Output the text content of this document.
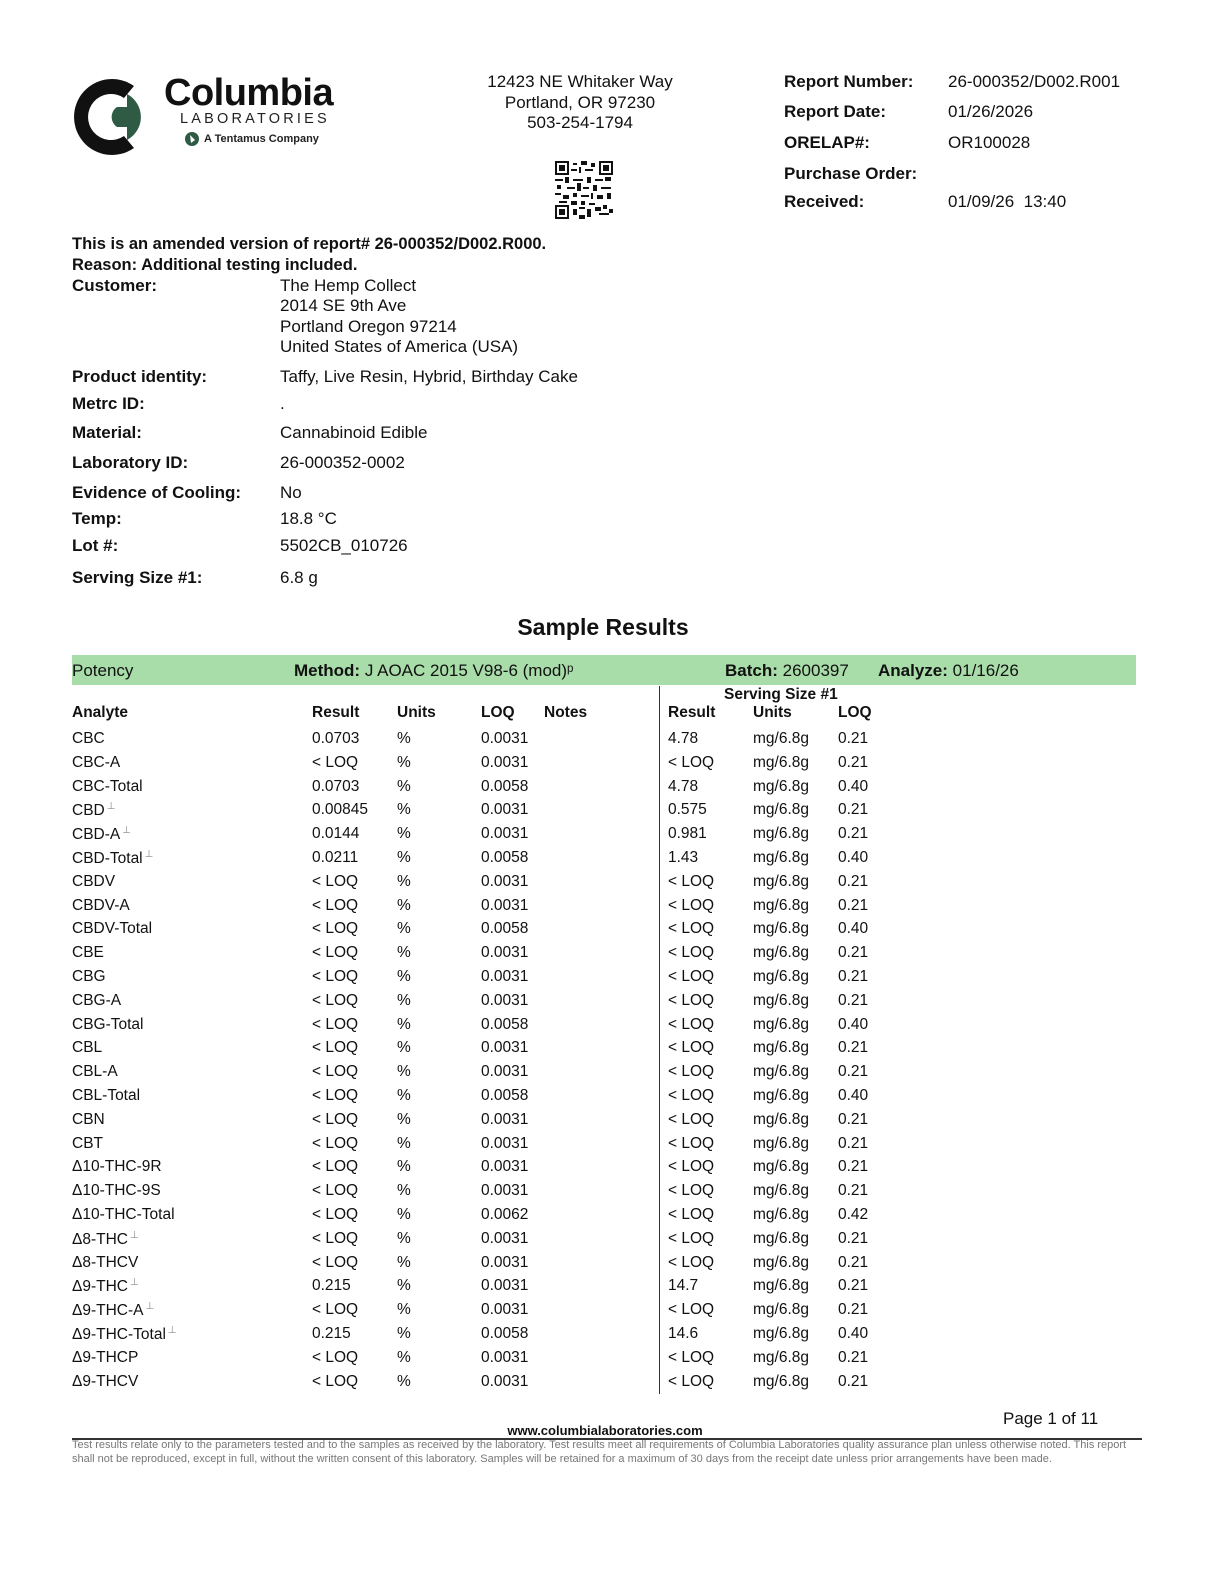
Columbia
LABORATORIES
A Tentamus Company
12423 NE Whitaker Way
Portland, OR 97230
503-254-1794
Report Number: 26-000352/D002.R001
Report Date:	01/26/2026
ORELAP#:	OR100028
Purchase Order:
Received:	01/09/26  13:40
This is an amended version of report# 26-000352/D002.R000.
Reason: Additional testing included.
Customer:	The Hemp Collect
2014 SE 9th Ave
Portland Oregon 97214
United States of America (USA)
Product identity:	Taffy, Live Resin, Hybrid, Birthday Cake
Metrc ID:	.
Material:	Cannabinoid Edible
Laboratory ID:	26-000352-0002
Evidence of Cooling: No
Temp:	18.8 °C
Lot #:	5502CB_010726
Serving Size #1:	6.8 g
Sample Results
Potency	Method: J AOAC 2015 V98-6 (mod)ᵖ	Batch: 2600397 Analyze: 01/16/26
Serving Size #1
Analyte	Result Units	LOQ Notes	Result Units	LOQ
CBC	0.0703 %	0.0031	4.78	mg/6.8g 0.21
CBC-A	< LOQ	%	0.0031	< LOQ	mg/6.8g 0.21
CBC-Total	0.0703 %	0.0058	4.78	mg/6.8g 0.40
CBD ⊥	0.00845 %	0.0031	0.575	mg/6.8g 0.21
CBD-A ⊥	0.0144 %	0.0031	0.981	mg/6.8g 0.21
CBD-Total ⊥	0.0211 %	0.0058	1.43	mg/6.8g 0.40
CBDV	< LOQ	%	0.0031	< LOQ	mg/6.8g 0.21
CBDV-A	< LOQ	%	0.0031	< LOQ	mg/6.8g 0.21
CBDV-Total	< LOQ	%	0.0058	< LOQ	mg/6.8g 0.40
CBE	< LOQ	%	0.0031	< LOQ	mg/6.8g 0.21
CBG	< LOQ	%	0.0031	< LOQ	mg/6.8g 0.21
CBG-A	< LOQ	%	0.0031	< LOQ	mg/6.8g 0.21
CBG-Total	< LOQ	%	0.0058	< LOQ	mg/6.8g 0.40
CBL	< LOQ	%	0.0031	< LOQ	mg/6.8g 0.21
CBL-A	< LOQ	%	0.0031	< LOQ	mg/6.8g 0.21
CBL-Total	< LOQ	%	0.0058	< LOQ	mg/6.8g 0.40
CBN	< LOQ	%	0.0031	< LOQ	mg/6.8g 0.21
CBT	< LOQ	%	0.0031	< LOQ	mg/6.8g 0.21
Δ10-THC-9R	< LOQ	%	0.0031	< LOQ	mg/6.8g 0.21
Δ10-THC-9S	< LOQ	%	0.0031	< LOQ	mg/6.8g 0.21
Δ10-THC-Total	< LOQ	%	0.0062	< LOQ	mg/6.8g 0.42
Δ8-THC ⊥	< LOQ	%	0.0031	< LOQ	mg/6.8g 0.21
Δ8-THCV	< LOQ	%	0.0031	< LOQ	mg/6.8g 0.21
Δ9-THC ⊥	0.215	%	0.0031	14.7	mg/6.8g 0.21
Δ9-THC-A ⊥	< LOQ	%	0.0031	< LOQ	mg/6.8g 0.21
Δ9-THC-Total ⊥	0.215	%	0.0058	14.6	mg/6.8g 0.40
Δ9-THCP	< LOQ	%	0.0031	< LOQ	mg/6.8g 0.21
Δ9-THCV	< LOQ	%	0.0031	< LOQ	mg/6.8g 0.21
Page 1 of 11
www.columbialaboratories.com
Test results relate only to the parameters tested and to the samples as received by the laboratory. Test results meet all requirements of Columbia Laboratories quality assurance plan unless otherwise noted. This report shall not be reproduced, except in full, without the written consent of this laboratory. Samples will be retained for a maximum of 30 days from the receipt date unless prior arrangements have been made.
